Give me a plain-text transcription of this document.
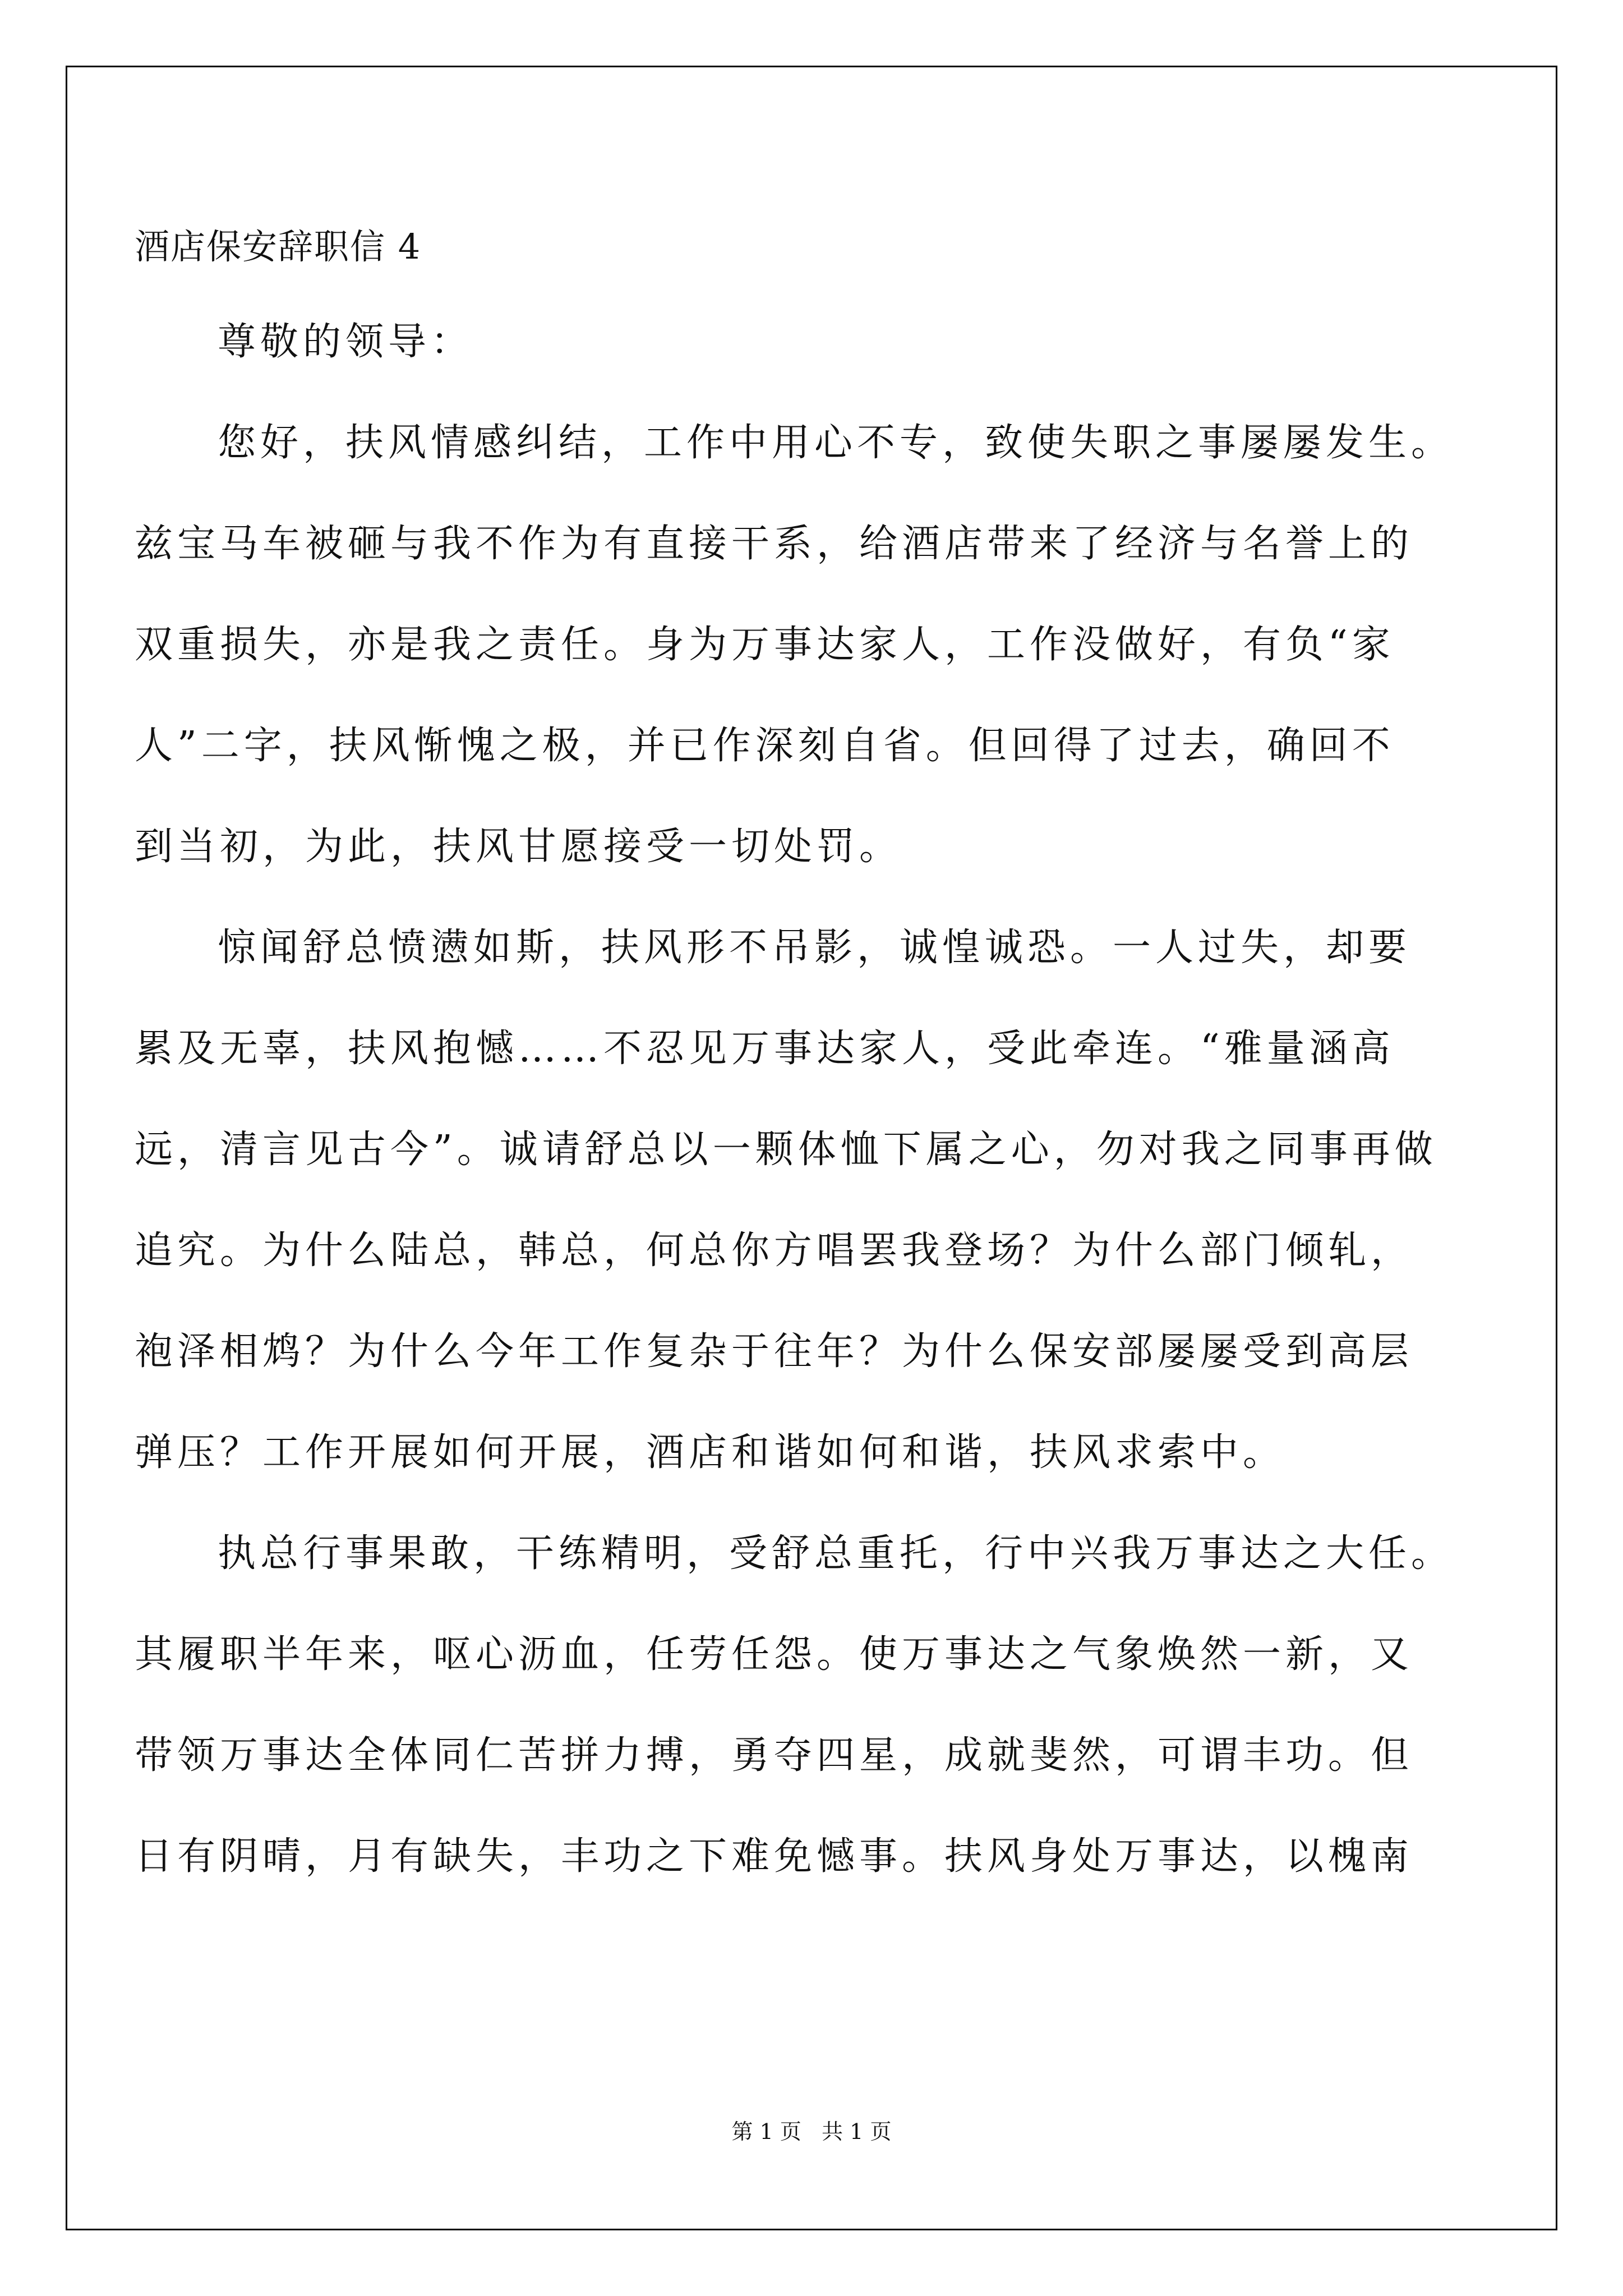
酒店保安辞职信 4
尊敬的领导：
您好，扶风情感纠结，工作中用心不专，致使失职之事屡屡发生。
兹宝马车被砸与我不作为有直接干系，给酒店带来了经济与名誉上的
双重损失，亦是我之责任。身为万事达家人，工作没做好，有负“家
人”二字，扶风惭愧之极，并已作深刻自省。但回得了过去，确回不
到当初，为此，扶风甘愿接受一切处罚。
惊闻舒总愤懑如斯，扶风形不吊影，诚惶诚恐。一人过失，却要
累及无辜，扶风抱憾……不忍见万事达家人，受此牵连。“雅量涵高
远，清言见古今”。诚请舒总以一颗体恤下属之心，勿对我之同事再做
追究。为什么陆总，韩总，何总你方唱罢我登场？为什么部门倾轧，
袍泽相鸩？为什么今年工作复杂于往年？为什么保安部屡屡受到高层
弹压？工作开展如何开展，酒店和谐如何和谐，扶风求索中。
执总行事果敢，干练精明，受舒总重托，行中兴我万事达之大任。
其履职半年来，呕心沥血，任劳任怨。使万事达之气象焕然一新，又
带领万事达全体同仁苦拼力搏，勇夺四星，成就斐然，可谓丰功。但
日有阴晴，月有缺失，丰功之下难免憾事。扶风身处万事达，以槐南
第 1 页   共 1 页
